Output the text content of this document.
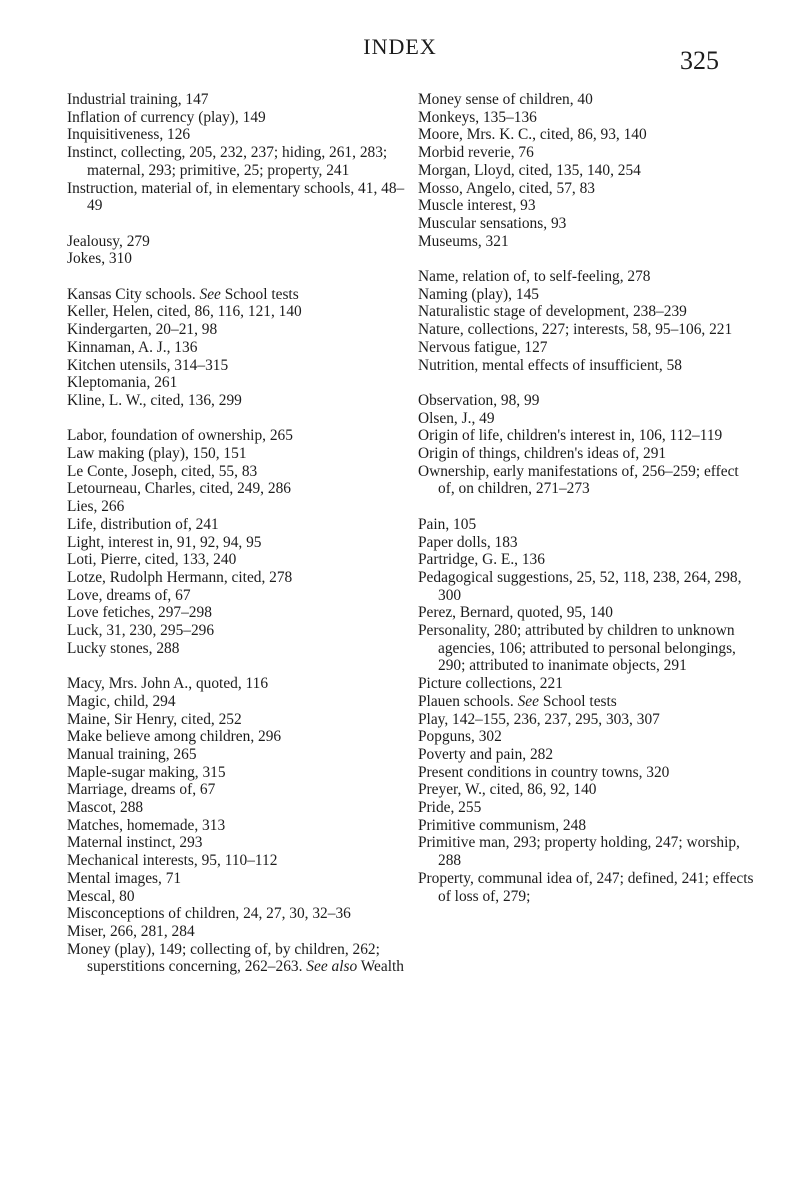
INDEX	325
Industrial training, 147
Inflation of currency (play), 149
Inquisitiveness, 126
Instinct, collecting, 205, 232, 237; hiding, 261, 283; maternal, 293; primitive, 25; property, 241
Instruction, material of, in elementary schools, 41, 48–49
Jealousy, 279
Jokes, 310
Kansas City schools. See School tests
Keller, Helen, cited, 86, 116, 121, 140
Kindergarten, 20–21, 98
Kinnaman, A. J., 136
Kitchen utensils, 314–315
Kleptomania, 261
Kline, L. W., cited, 136, 299
Labor, foundation of ownership, 265
Law making (play), 150, 151
Le Conte, Joseph, cited, 55, 83
Letourneau, Charles, cited, 249, 286
Lies, 266
Life, distribution of, 241
Light, interest in, 91, 92, 94, 95
Loti, Pierre, cited, 133, 240
Lotze, Rudolph Hermann, cited, 278
Love, dreams of, 67
Love fetiches, 297–298
Luck, 31, 230, 295–296
Lucky stones, 288
Macy, Mrs. John A., quoted, 116
Magic, child, 294
Maine, Sir Henry, cited, 252
Make believe among children, 296
Manual training, 265
Maple-sugar making, 315
Marriage, dreams of, 67
Mascot, 288
Matches, homemade, 313
Maternal instinct, 293
Mechanical interests, 95, 110–112
Mental images, 71
Mescal, 80
Misconceptions of children, 24, 27, 30, 32–36
Miser, 266, 281, 284
Money (play), 149; collecting of, by children, 262; superstitions concerning, 262–263. See also Wealth
Money sense of children, 40
Monkeys, 135–136
Moore, Mrs. K. C., cited, 86, 93, 140
Morbid reverie, 76
Morgan, Lloyd, cited, 135, 140, 254
Mosso, Angelo, cited, 57, 83
Muscle interest, 93
Muscular sensations, 93
Museums, 321
Name, relation of, to self-feeling, 278
Naming (play), 145
Naturalistic stage of development, 238–239
Nature, collections, 227; interests, 58, 95–106, 221
Nervous fatigue, 127
Nutrition, mental effects of insufficient, 58
Observation, 98, 99
Olsen, J., 49
Origin of life, children's interest in, 106, 112–119
Origin of things, children's ideas of, 291
Ownership, early manifestations of, 256–259; effect of, on children, 271–273
Pain, 105
Paper dolls, 183
Partridge, G. E., 136
Pedagogical suggestions, 25, 52, 118, 238, 264, 298, 300
Perez, Bernard, quoted, 95, 140
Personality, 280; attributed by children to unknown agencies, 106; attributed to personal belongings, 290; attributed to inanimate objects, 291
Picture collections, 221
Plauen schools. See School tests
Play, 142–155, 236, 237, 295, 303, 307
Popguns, 302
Poverty and pain, 282
Present conditions in country towns, 320
Preyer, W., cited, 86, 92, 140
Pride, 255
Primitive communism, 248
Primitive man, 293; property holding, 247; worship, 288
Property, communal idea of, 247; defined, 241; effects of loss of, 279;
